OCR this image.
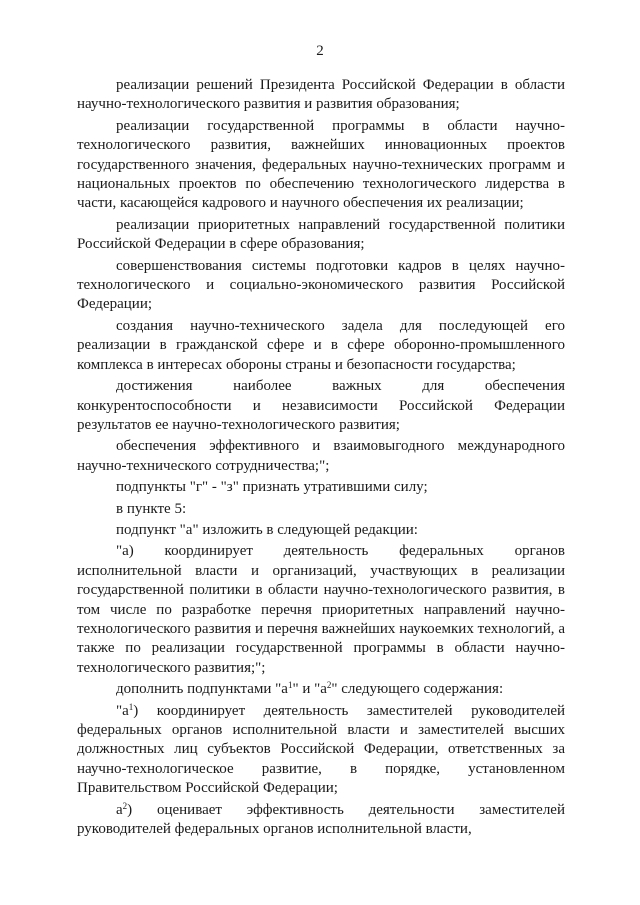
2

реализации решений Президента Российской Федерации в области научно-технологического развития и развития образования;

реализации государственной программы в области научно-технологического развития, важнейших инновационных проектов государственного значения, федеральных научно-технических программ и национальных проектов по обеспечению технологического лидерства в части, касающейся кадрового и научного обеспечения их реализации;

реализации приоритетных направлений государственной политики Российской Федерации в сфере образования;

совершенствования системы подготовки кадров в целях научно-технологического и социально-экономического развития Российской Федерации;

создания научно-технического задела для последующей его реализации в гражданской сфере и в сфере оборонно-промышленного комплекса в интересах обороны страны и безопасности государства;

достижения наиболее важных для обеспечения конкурентоспособности и независимости Российской Федерации результатов ее научно-технологического развития;

обеспечения эффективного и взаимовыгодного международного научно-технического сотрудничества;";

подпункты "г" - "з" признать утратившими силу;

в пункте 5:

подпункт "а" изложить в следующей редакции:

"а) координирует деятельность федеральных органов исполнительной власти и организаций, участвующих в реализации государственной политики в области научно-технологического развития, в том числе по разработке перечня приоритетных направлений научно-технологического развития и перечня важнейших наукоемких технологий, а также по реализации государственной программы в области научно-технологического развития;";

дополнить подпунктами "$а^1$" и "$а^2$" следующего содержания:

"$а^1$) координирует деятельность заместителей руководителей федеральных органов исполнительной власти и заместителей высших должностных лиц субъектов Российской Федерации, ответственных за научно-технологическое развитие, в порядке, установленном Правительством Российской Федерации;

$а^2$) оценивает эффективность деятельности заместителей руководителей федеральных органов исполнительной власти,
